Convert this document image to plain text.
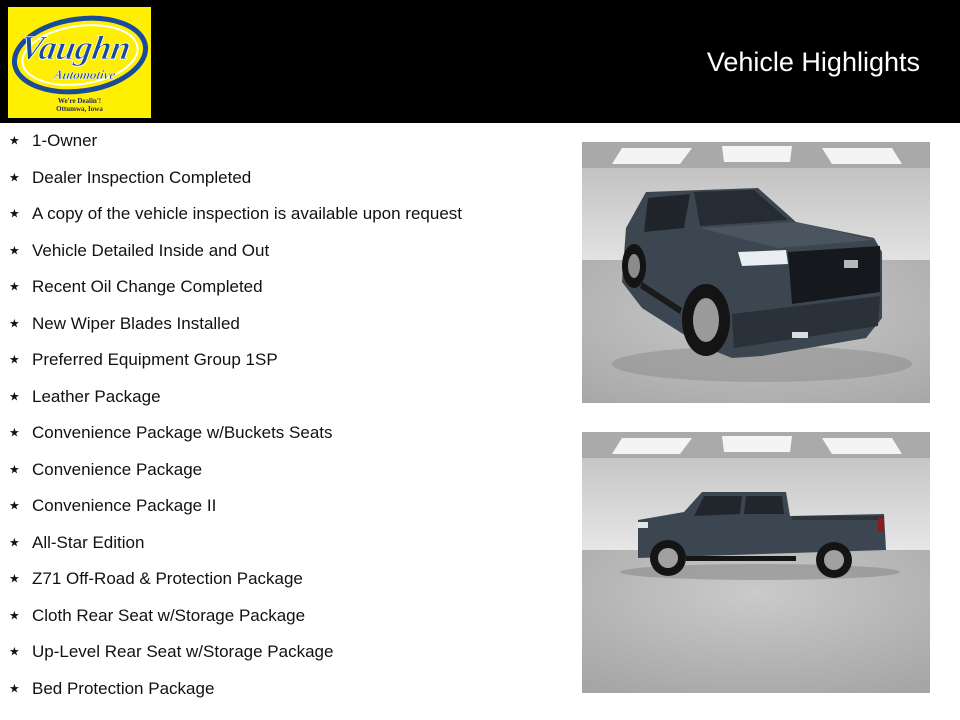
Vaughn
Automotive
We're Dealin'!
Ottumwa, Iowa
Vehicle Highlights
★ 1-Owner
★ Dealer Inspection Completed
★ A copy of the vehicle inspection is available upon request
★ Vehicle Detailed Inside and Out
★ Recent Oil Change Completed
★ New Wiper Blades Installed
★ Preferred Equipment Group 1SP
★ Leather Package
★ Convenience Package w/Buckets Seats
★ Convenience Package
★ Convenience Package II
★ All-Star Edition
★ Z71 Off-Road & Protection Package
★ Cloth Rear Seat w/Storage Package
★ Up-Level Rear Seat w/Storage Package
★ Bed Protection Package
